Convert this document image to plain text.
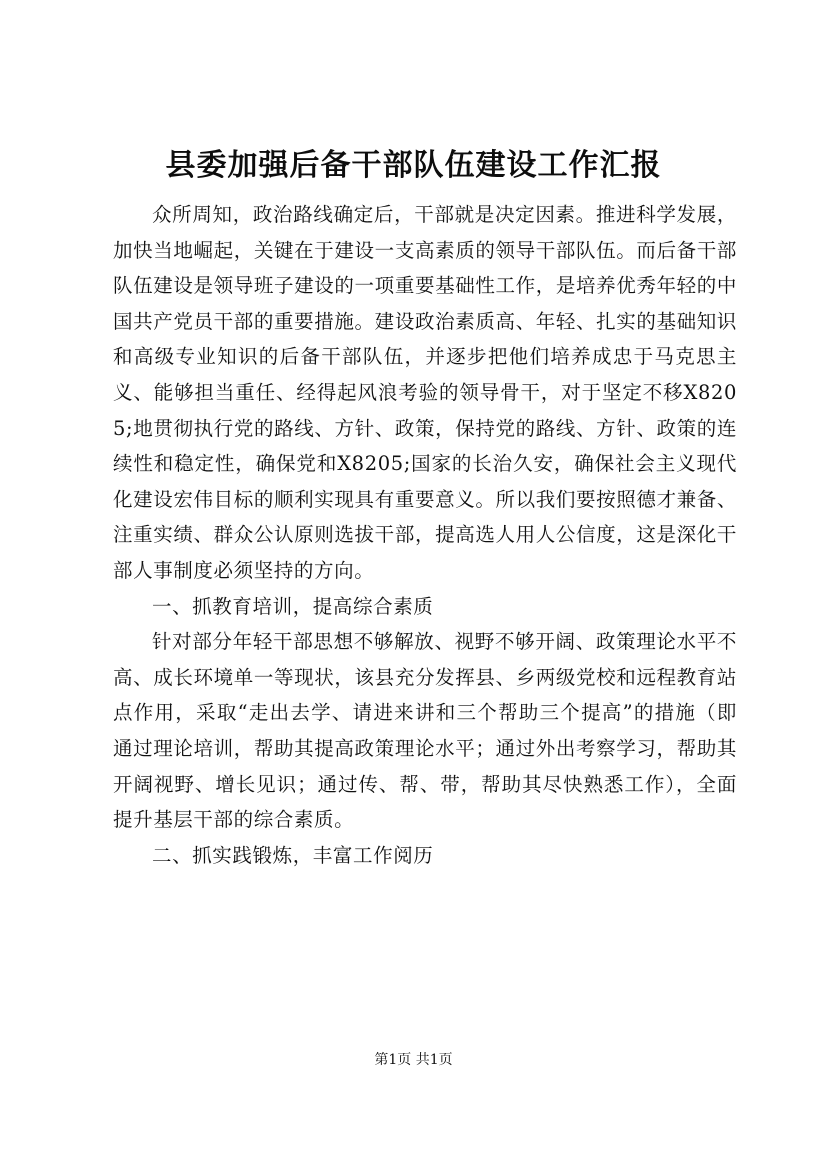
县委加强后备干部队伍建设工作汇报

众所周知，政治路线确定后，干部就是决定因素。推进科学发展，加快当地崛起，关键在于建设一支高素质的领导干部队伍。而后备干部队伍建设是领导班子建设的一项重要基础性工作，是培养优秀年轻的中国共产党员干部的重要措施。建设政治素质高、年轻、扎实的基础知识和高级专业知识的后备干部队伍，并逐步把他们培养成忠于马克思主义、能够担当重任、经得起风浪考验的领导骨干，对于坚定不移X8205;地贯彻执行党的路线、方针、政策，保持党的路线、方针、政策的连续性和稳定性，确保党和X8205;国家的长治久安，确保社会主义现代化建设宏伟目标的顺利实现具有重要意义。所以我们要按照德才兼备、注重实绩、群众公认原则选拔干部，提高选人用人公信度，这是深化干部人事制度必须坚持的方向。

一、抓教育培训，提高综合素质

针对部分年轻干部思想不够解放、视野不够开阔、政策理论水平不高、成长环境单一等现状，该县充分发挥县、乡两级党校和远程教育站点作用，采取“走出去学、请进来讲和三个帮助三个提高”的措施（即通过理论培训，帮助其提高政策理论水平；通过外出考察学习，帮助其开阔视野、增长见识；通过传、帮、带，帮助其尽快熟悉工作），全面提升基层干部的综合素质。

二、抓实践锻炼，丰富工作阅历

第1页 共1页
